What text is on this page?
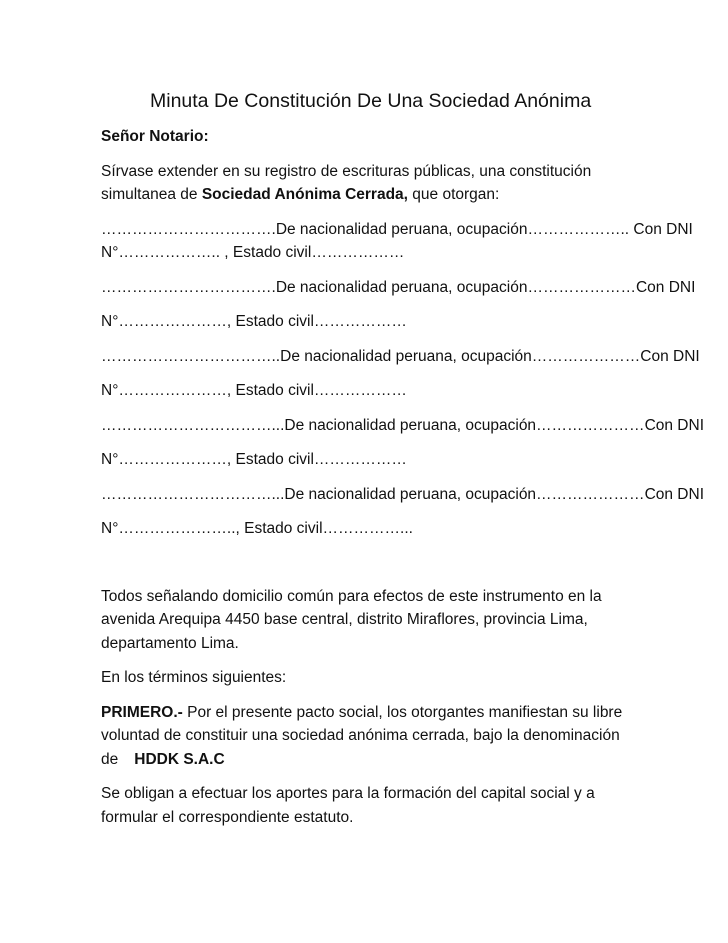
Minuta De Constitución De Una Sociedad Anónima

Señor Notario:

Sírvase extender en su registro de escrituras públicas, una constitución simultanea de Sociedad Anónima Cerrada, que otorgan:

……………………………. De nacionalidad peruana, ocupación………………. . Con DNI

N°……………….. , Estado civil………………

……………………………. De nacionalidad peruana, ocupación………………… Con DNI

N°…………………, Estado civil………………

…………………………….. De nacionalidad peruana, ocupación………………… Con DNI

N°…………………, Estado civil………………

……………………………... De nacionalidad peruana, ocupación………………… Con DNI

N°…………………, Estado civil………………

……………………………... De nacionalidad peruana, ocupación………………… Con DNI

N°………………….., Estado civil……………...

Todos señalando domicilio común para efectos de este instrumento en la avenida Arequipa 4450 base central, distrito Miraflores, provincia Lima, departamento Lima.

En los términos siguientes:

PRIMERO.- Por el presente pacto social, los otorgantes manifiestan su libre voluntad de constituir una sociedad anónima cerrada, bajo la denominación de HDDK S.A.C

Se obligan a efectuar los aportes para la formación del capital social y a formular el correspondiente estatuto.
